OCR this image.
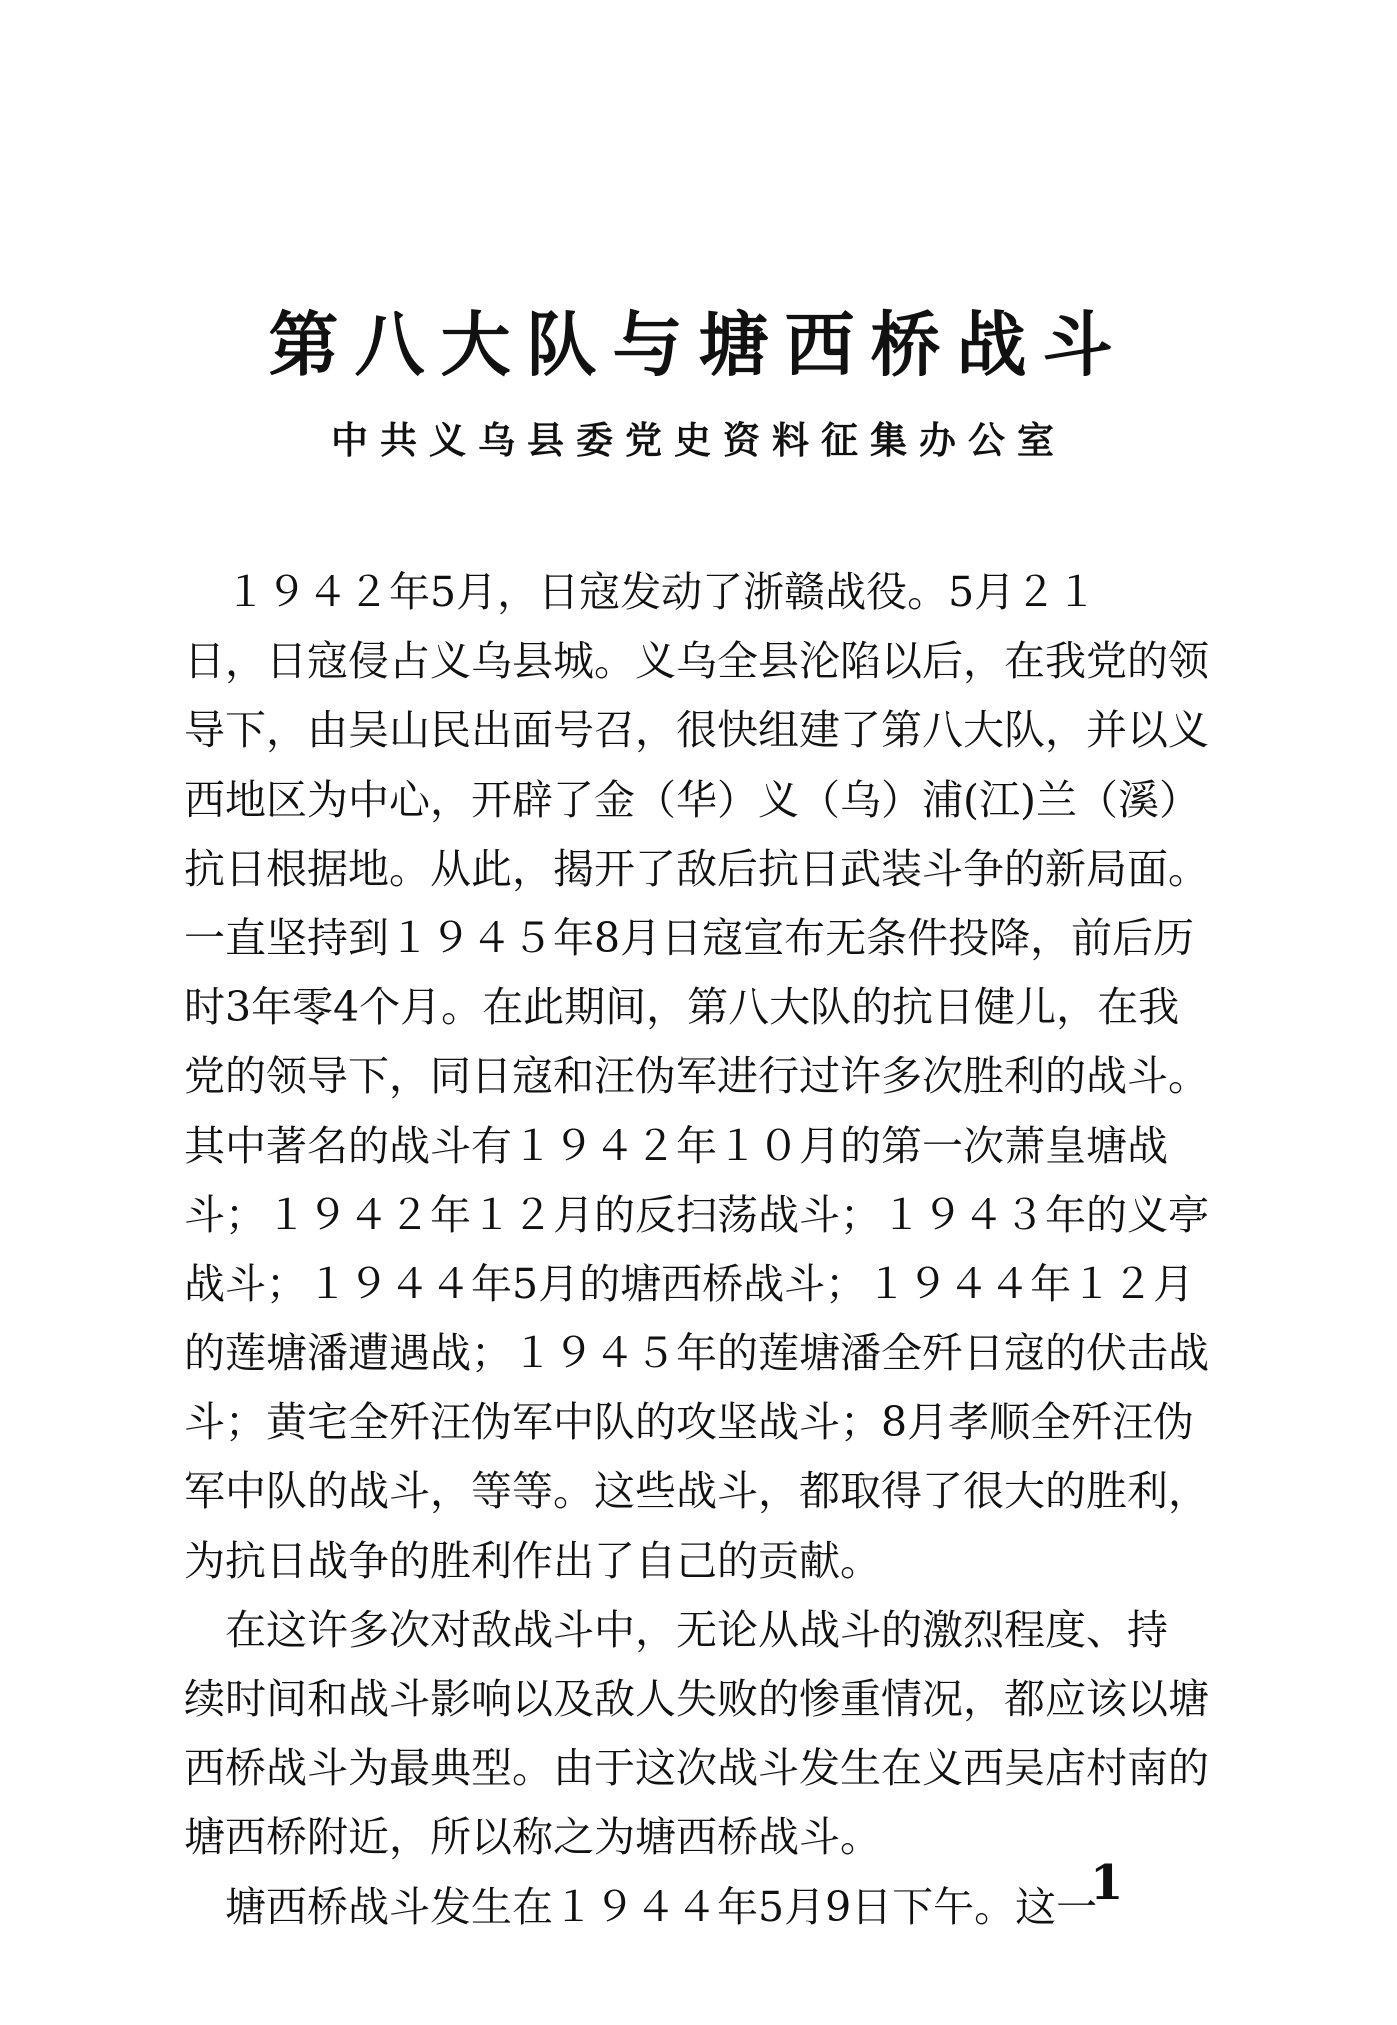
第八大队与塘西桥战斗
中共义乌县委党史资料征集办公室
　１９４２年5月，日寇发动了浙赣战役。5月２１
日，日寇侵占义乌县城。义乌全县沦陷以后，在我党的领
导下，由吴山民出面号召，很快组建了第八大队，并以义
西地区为中心，开辟了金（华）义（乌）浦(江)兰（溪）
抗日根据地。从此，揭开了敌后抗日武装斗争的新局面。
一直坚持到１９４５年8月日寇宣布无条件投降，前后历
时3年零4个月。在此期间，第八大队的抗日健儿，在我
党的领导下，同日寇和汪伪军进行过许多次胜利的战斗。
其中著名的战斗有１９４２年１０月的第一次萧皇塘战
斗；１９４２年１２月的反扫荡战斗；１９４３年的义亭
战斗；１９４４年5月的塘西桥战斗；１９４４年１２月
的莲塘潘遭遇战；１９４５年的莲塘潘全歼日寇的伏击战
斗；黄宅全歼汪伪军中队的攻坚战斗；8月孝顺全歼汪伪
军中队的战斗，等等。这些战斗，都取得了很大的胜利，
为抗日战争的胜利作出了自己的贡献。
　在这许多次对敌战斗中，无论从战斗的激烈程度、持
续时间和战斗影响以及敌人失败的惨重情况，都应该以塘
西桥战斗为最典型。由于这次战斗发生在义西吴店村南的
塘西桥附近，所以称之为塘西桥战斗。
　塘西桥战斗发生在１９４４年5月9日下午。这一
1
